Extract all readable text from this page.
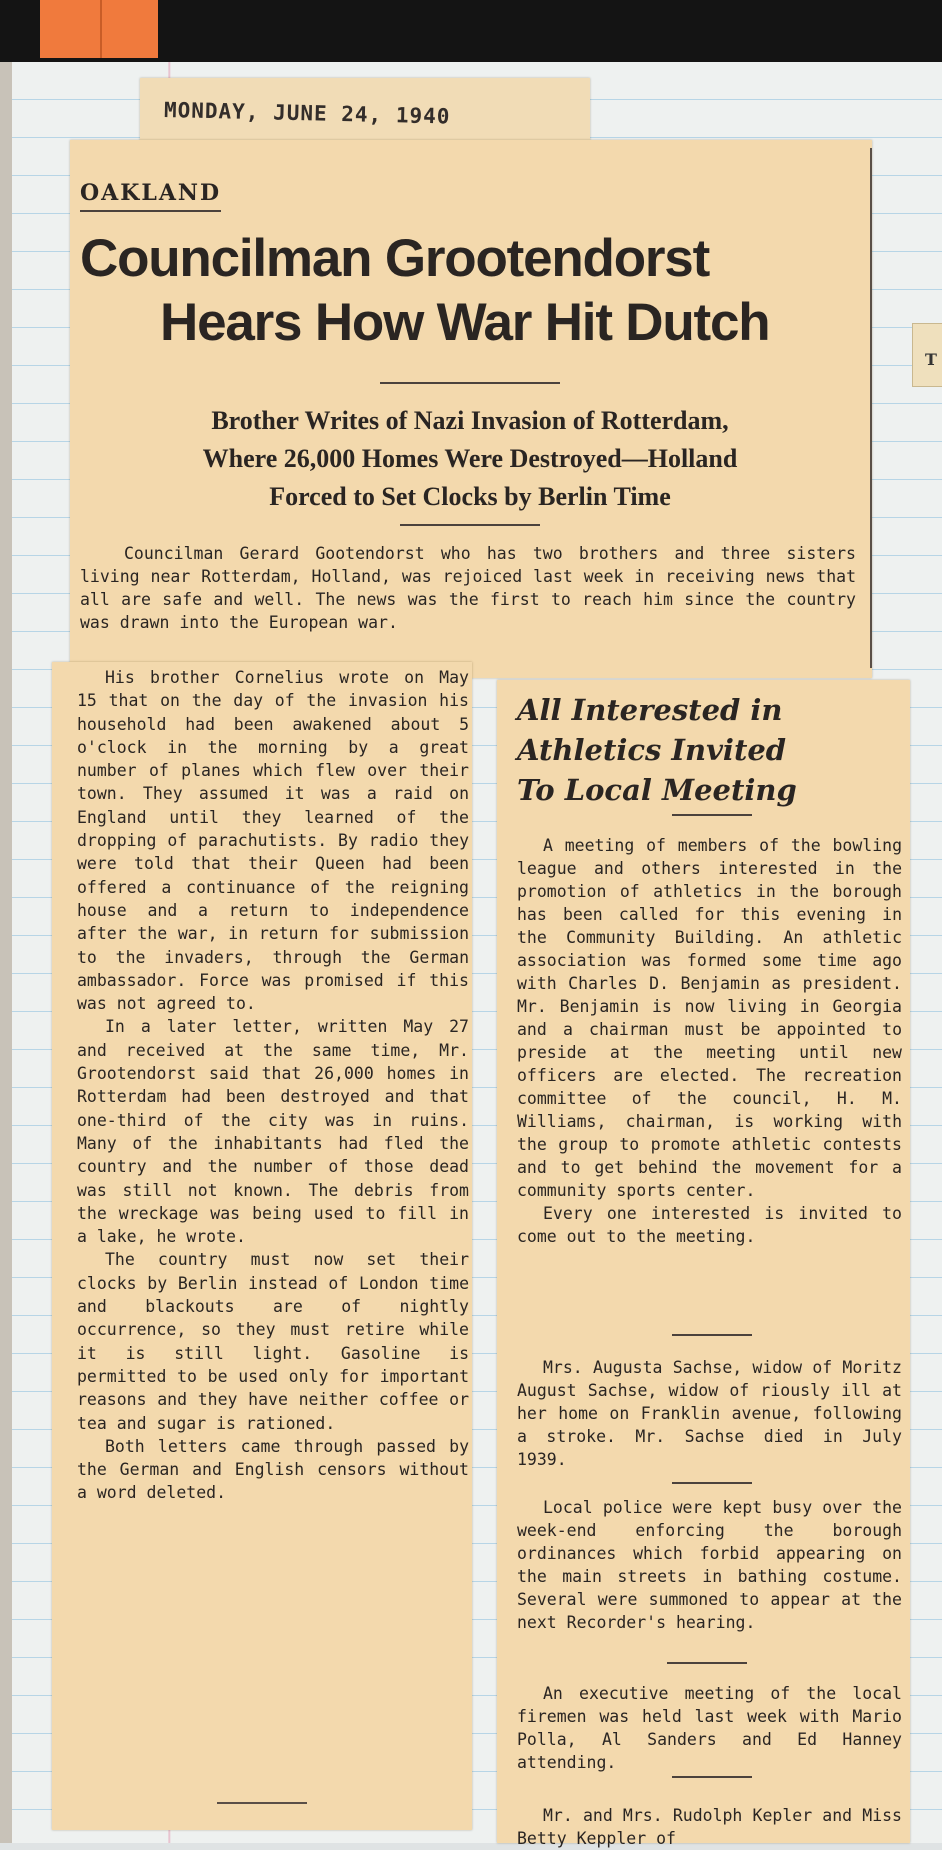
T
MONDAY, JUNE 24, 1940
OAKLAND
Councilman Grootendorst
Hears How War Hit Dutch
Brother Writes of Nazi Invasion of Rotterdam,
Where 26,000 Homes Were Destroyed—Holland
Forced to Set Clocks by Berlin Time

Councilman Gerard Gootendorst who has two brothers and three sisters living near Rotterdam, Holland, was rejoiced last week in receiving news that all are safe and well. The news was the first to reach him since the country was drawn into the European war.

His brother Cornelius wrote on May 15 that on the day of the invasion his household had been awakened about 5 o'clock in the morning by a great number of planes which flew over their town. They assumed it was a raid on England until they learned of the dropping of parachutists. By radio they were told that their Queen had been offered a continuance of the reigning house and a return to independence after the war, in return for submission to the invaders, through the German ambassador. Force was promised if this was not agreed to.

In a later letter, written May 27 and received at the same time, Mr. Grootendorst said that 26,000 homes in Rotterdam had been destroyed and that one-third of the city was in ruins. Many of the inhabitants had fled the country and the number of those dead was still not known. The debris from the wreckage was being used to fill in a lake, he wrote.

The country must now set their clocks by Berlin instead of London time and blackouts are of nightly occurrence, so they must retire while it is still light. Gasoline is permitted to be used only for important reasons and they have neither coffee or tea and sugar is rationed.

Both letters came through passed by the German and English censors without a word deleted.

All Interested in
Athletics Invited
To Local Meeting

A meeting of members of the bowling league and others interested in the promotion of athletics in the borough has been called for this evening in the Community Building. An athletic association was formed some time ago with Charles D. Benjamin as president. Mr. Benjamin is now living in Georgia and a chairman must be appointed to preside at the meeting until new officers are elected. The recreation committee of the council, H. M. Williams, chairman, is working with the group to promote athletic contests and to get behind the movement for a community sports center.

Every one interested is invited to come out to the meeting.

Mrs. Augusta Sachse, widow of Moritz August Sachse, widow of riously ill at her home on Franklin avenue, following a stroke. Mr. Sachse died in July 1939.

Local police were kept busy over the week-end enforcing the borough ordinances which forbid appearing on the main streets in bathing costume. Several were summoned to appear at the next Recorder's hearing.

An executive meeting of the local firemen was held last week with Mario Polla, Al Sanders and Ed Hanney attending.

Mr. and Mrs. Rudolph Kepler and Miss Betty Keppler of
